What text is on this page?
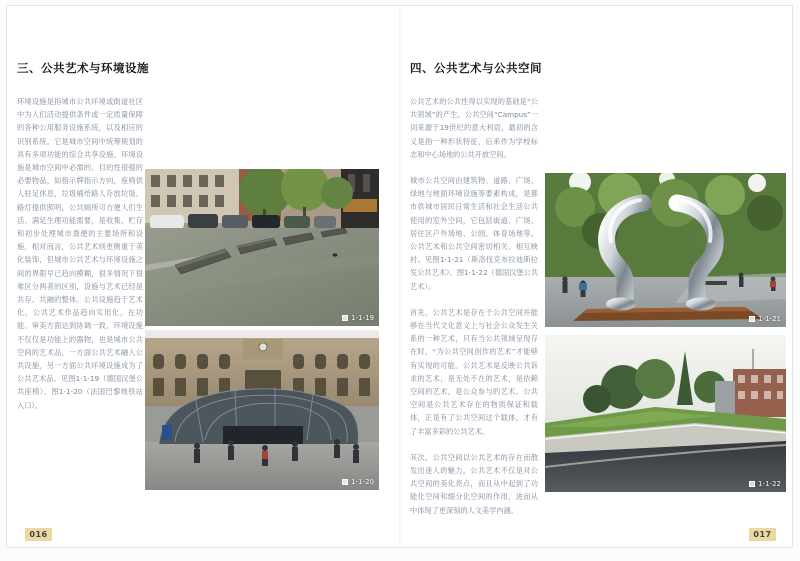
三、公共艺术与环境设施

环境设施是指城市公共环境或街道社区中为人们活动提供条件或一定质量保障的各种公用服务设施系统，以及相应的识别系统。它是城市空间中统筹规划的具有多项功能的综合共享设施。环境设施是城市空间中必需的、目的性很强的必要物品，如指示牌指示方向，座椅供人驻足休息，垃圾桶给路人存放垃圾，路灯提供照明，公共厕所可方便人们生活、满足生理功能需要，是收集、贮存和初步处理城市粪便的主要场所和设施。相对而言，公共艺术则更侧重于美化装饰，但城市公共艺术与环境设施之间的界限早已趋向模糊，很多情况下很难区分两者的区别，设施与艺术已经是共存、共融的整体。公共设施趋于艺术化，公共艺术作品趋向实用化，在功能、审美方面达到协调一致。环境设施不仅仅是功能上的器物，也是城市公共空间的艺术品，一方面公共艺术融入公共设施，另一方面公共环境设施成为了公共艺术品。见图1-1-19（德国汉堡公共座椅）、图1-1-20（法国巴黎地铁站入口）。

1-1-19
1-1-20
016
四、公共艺术与公共空间

公共艺术的公共性得以实现的基础是“公共领域”的产生。公共空间“Campus”一词来源于19世纪的意大利语，最初的含义是指一种形状特征，后来作为学校标志和中心场地的公共开放空间。

城市公共空间由建筑物、道路、广场、绿地与地面环境设施等要素构成，是都市供城市居民日常生活和社会生活公共使用的室外空间，它包括街道、广场、居住区户外场地、公园、体育场地等。公共艺术和公共空间密切相关、相互映衬。见图1-1-21（斯洛伐克布拉迪斯拉发公共艺术）、图1-1-22（德国汉堡公共艺术）。

首先，公共艺术是存在于公共空间并能够在当代文化意义上与社会公众发生关系的一种艺术，只有当公共领域呈现存在时，“为公共空间创作的艺术”才能够有实现的可能。公共艺术是反映公共诉求的艺术，是无处不在的艺术，是依赖空间的艺术，是公众参与的艺术。公共空间是公共艺术存在的物质保证和载体，正是有了公共空间这个载体，才有了丰富多彩的公共艺术。

其次，公共空间以公共艺术的存在而散发出迷人的魅力，公共艺术不仅是对公共空间的美化亮点，而且从中起到了功能化空间和细分化空间的作用，进而从中体现了更深刻的人文美学内涵。

1-1-21
1-1-22
017
